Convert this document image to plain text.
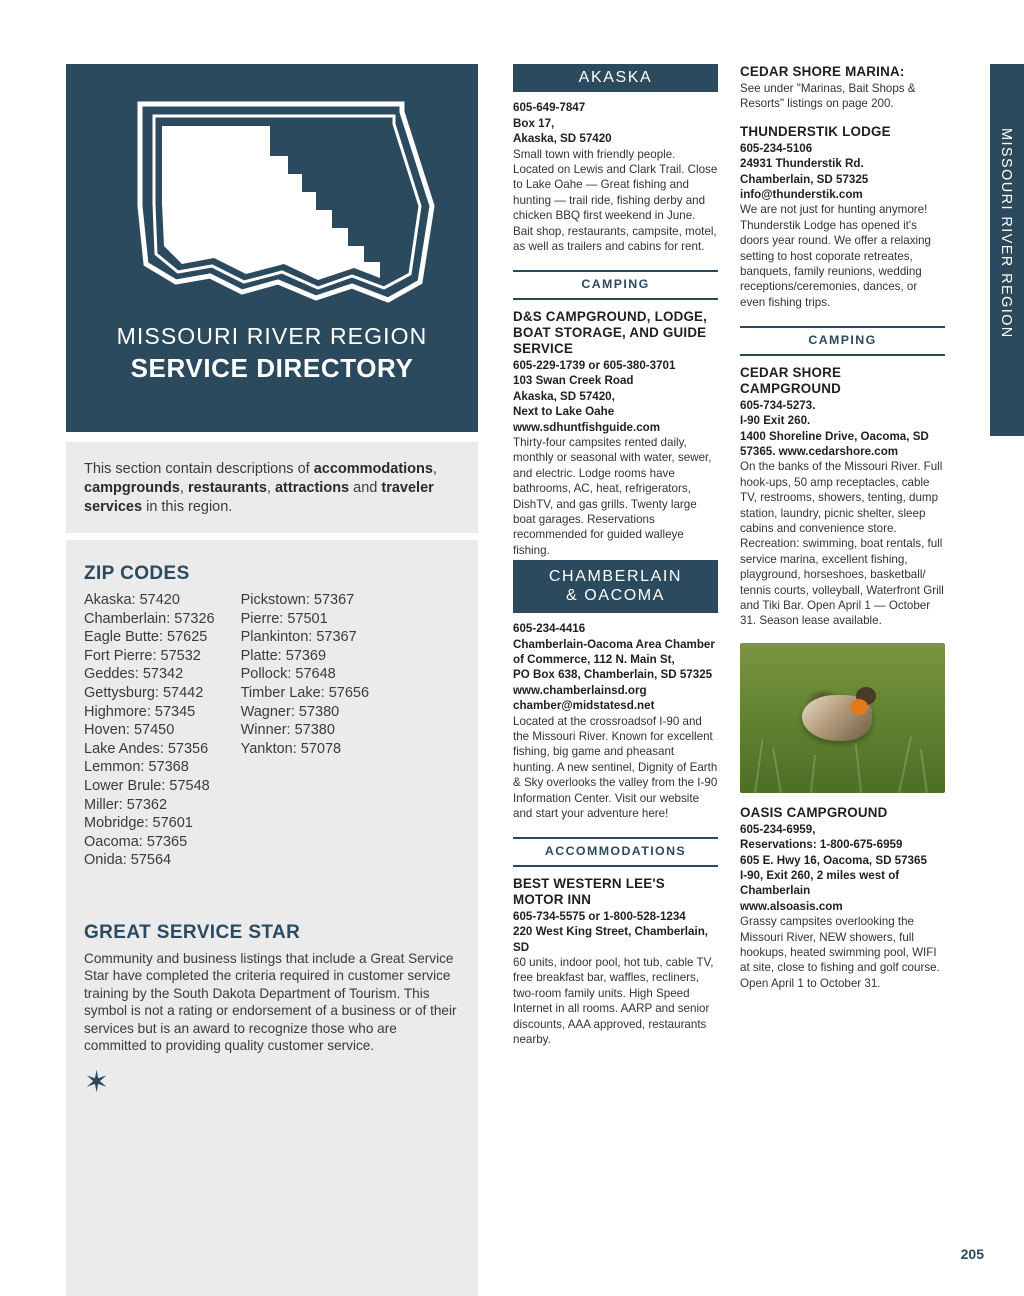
MISSOURI RIVER REGION
SERVICE DIRECTORY
This section contain descriptions of accommodations, campgrounds, restaurants, attractions and traveler services in this region.
ZIP CODES
Akaska: 57420
Chamberlain: 57326
Eagle Butte: 57625
Fort Pierre: 57532
Geddes: 57342
Gettysburg: 57442
Highmore: 57345
Hoven: 57450
Lake Andes: 57356
Lemmon: 57368
Lower Brule: 57548
Miller: 57362
Mobridge: 57601
Oacoma: 57365
Onida: 57564
Pickstown: 57367
Pierre: 57501
Plankinton: 57367
Platte: 57369
Pollock: 57648
Timber Lake: 57656
Wagner: 57380
Winner: 57380
Yankton: 57078
GREAT SERVICE STAR

Community and business listings that include a Great Service Star have completed the criteria required in customer service training by the South Dakota Department of Tourism. This symbol is not a rating or endorsement of a business or of their services but is an award to recognize those who are committed to providing quality customer service.

✶
AKASKA
605-649-7847
Box 17,
Akaska, SD 57420

Small town with friendly people. Located on Lewis and Clark Trail. Close to Lake Oahe — Great fishing and hunting — trail ride, fishing derby and chicken BBQ first weekend in June. Bait shop, restaurants, campsite, motel, as well as trailers and cabins for rent.

CAMPING
D&S CAMPGROUND, LODGE, BOAT STORAGE, AND GUIDE SERVICE
605-229-1739 or 605-380-3701
103 Swan Creek Road
Akaska, SD 57420,
Next to Lake Oahe
www.sdhuntfishguide.com

Thirty-four campsites rented daily, monthly or seasonal with water, sewer, and electric. Lodge rooms have bathrooms, AC, heat, refrigerators, DishTV, and gas grills. Twenty large boat garages. Reservations recommended for guided walleye fishing.

CHAMBERLAIN
& OACOMA
605-234-4416
Chamberlain-Oacoma Area Chamber
of Commerce, 112 N. Main St,
PO Box 638, Chamberlain, SD 57325
www.chamberlainsd.org
chamber@midstatesd.net

Located at the crossroadsof I-90 and the Missouri River. Known for excellent fishing, big game and pheasant hunting. A new sentinel, Dignity of Earth & Sky overlooks the valley from the I-90 Information Center. Visit our website and start your adventure here!

ACCOMMODATIONS
BEST WESTERN LEE'S MOTOR INN
605-734-5575 or 1-800-528-1234
220 West King Street, Chamberlain,
SD

60 units, indoor pool, hot tub, cable TV, free breakfast bar, waffles, recliners, two-room family units. High Speed Internet in all rooms. AARP and senior discounts, AAA approved, restaurants nearby.

CEDAR SHORE MARINA:

See under "Marinas, Bait Shops & Resorts" listings on page 200.

THUNDERSTIK LODGE
605-234-5106
24931 Thunderstik Rd.
Chamberlain, SD 57325
info@thunderstik.com

We are not just for hunting anymore! Thunderstik Lodge has opened it's doors year round. We offer a relaxing setting to host coporate retreates, banquets, family reunions, wedding receptions/ceremonies, dances, or even fishing trips.

CAMPING
CEDAR SHORE CAMPGROUND
605-734-5273.
I-90 Exit 260.
1400 Shoreline Drive, Oacoma, SD
57365. www.cedarshore.com

On the banks of the Missouri River. Full hook-ups, 50 amp receptacles, cable TV, restrooms, showers, tenting, dump station, laundry, picnic shelter, sleep cabins and convenience store. Recreation: swimming, boat rentals, full service marina, excellent fishing, playground, horseshoes, basketball/ tennis courts, volleyball, Waterfront Grill and Tiki Bar. Open April 1 — October 31. Season lease available.

OASIS CAMPGROUND
605-234-6959,
Reservations: 1-800-675-6959
605 E. Hwy 16, Oacoma, SD 57365
I-90, Exit 260, 2 miles west of
Chamberlain
www.alsoasis.com

Grassy campsites overlooking the Missouri River, NEW showers, full hookups, heated swimming pool, WIFI at site, close to fishing and golf course. Open April 1 to October 31.

MISSOURI RIVER REGION
205
